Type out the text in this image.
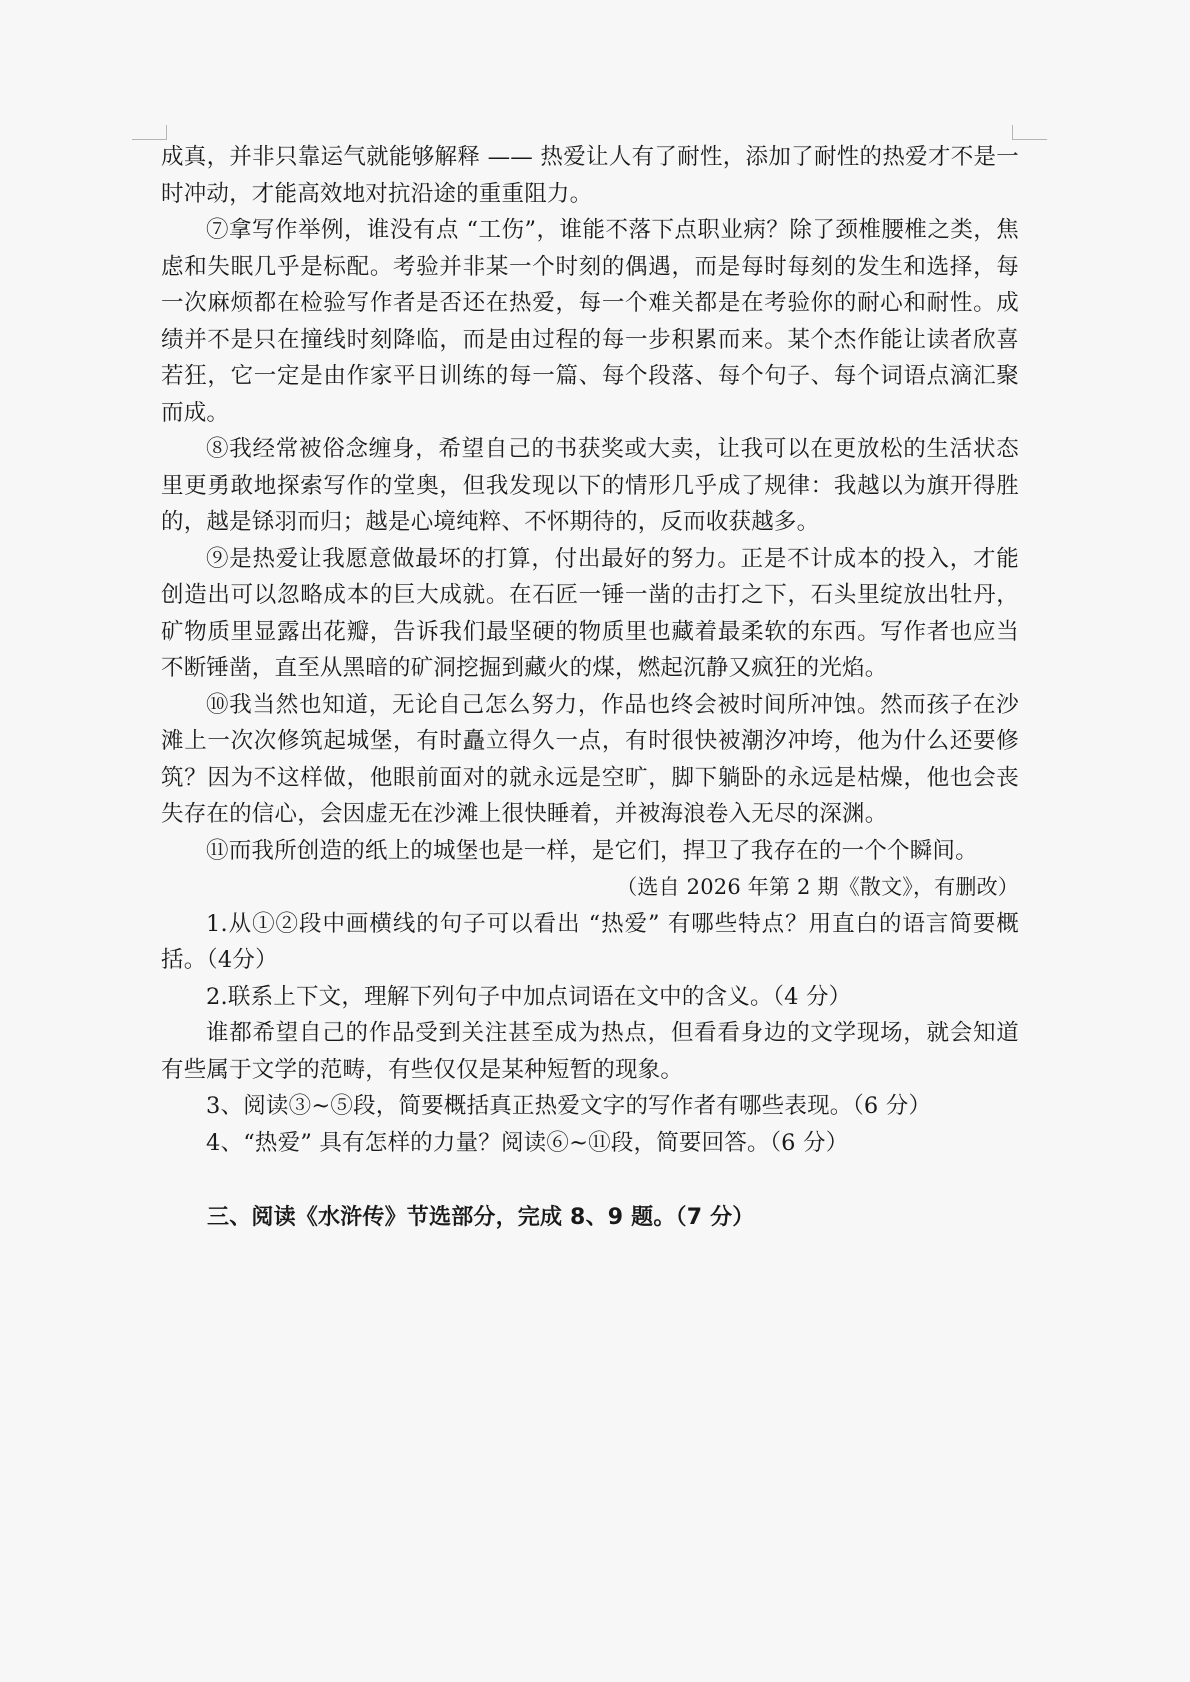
成真，并非只靠运气就能够解释 —— 热爱让人有了耐性，添加了耐性的热爱才不是一时冲动，才能高效地对抗沿途的重重阻力。

⑦拿写作举例，谁没有点 “工伤”，谁能不落下点职业病？除了颈椎腰椎之类，焦虑和失眠几乎是标配。考验并非某一个时刻的偶遇，而是每时每刻的发生和选择，每一次麻烦都在检验写作者是否还在热爱，每一个难关都是在考验你的耐心和耐性。成绩并不是只在撞线时刻降临，而是由过程的每一步积累而来。某个杰作能让读者欣喜若狂，它一定是由作家平日训练的每一篇、每个段落、每个句子、每个词语点滴汇聚而成。

⑧我经常被俗念缠身，希望自己的书获奖或大卖，让我可以在更放松的生活状态里更勇敢地探索写作的堂奥，但我发现以下的情形几乎成了规律：我越以为旗开得胜的，越是铩羽而归；越是心境纯粹、不怀期待的，反而收获越多。

⑨是热爱让我愿意做最坏的打算，付出最好的努力。正是不计成本的投入，才能创造出可以忽略成本的巨大成就。在石匠一锤一凿的击打之下，石头里绽放出牡丹，矿物质里显露出花瓣，告诉我们最坚硬的物质里也藏着最柔软的东西。写作者也应当不断锤凿，直至从黑暗的矿洞挖掘到藏火的煤，燃起沉静又疯狂的光焰。

⑩我当然也知道，无论自己怎么努力，作品也终会被时间所冲蚀。然而孩子在沙滩上一次次修筑起城堡，有时矗立得久一点，有时很快被潮汐冲垮，他为什么还要修筑？因为不这样做，他眼前面对的就永远是空旷，脚下躺卧的永远是枯燥，他也会丧失存在的信心，会因虚无在沙滩上很快睡着，并被海浪卷入无尽的深渊。

⑪而我所创造的纸上的城堡也是一样，是它们，捍卫了我存在的一个个瞬间。

（选自 2026 年第 2 期《散文》，有删改）

1.从①②段中画横线的句子可以看出 “热爱” 有哪些特点？用直白的语言简要概括。（4分）

2.联系上下文，理解下列句子中加点词语在文中的含义。（4 分）

谁都希望自己的作品受到关注甚至成为热点，但看看身边的文学现场，就会知道有些属于文学的范畴，有些仅仅是某种短暂的现象。

3、阅读③~⑤段，简要概括真正热爱文字的写作者有哪些表现。（6 分）

4、“热爱” 具有怎样的力量？阅读⑥~⑪段，简要回答。（6 分）

三、阅读《水浒传》节选部分，完成 8、9 题。（7 分）
